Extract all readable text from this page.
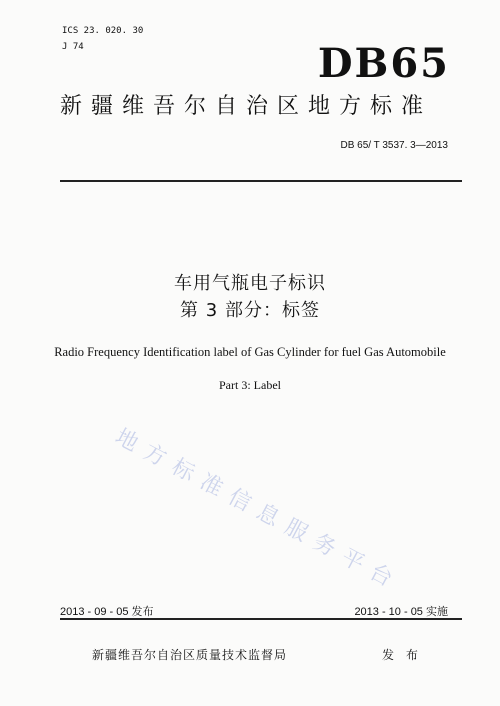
ICS 23. 020. 30
J 74	DB65
新疆维吾尔自治区地方标准
DB 65/ T 3537. 3—2013
车用气瓶电子标识
第 3 部分：标签
Radio Frequency Identification label of Gas Cylinder for fuel Gas Automobile
Part 3: Label
地方标准信息服务平台
2013 - 09 - 05 发布	2013 - 10 - 05 实施
新疆维吾尔自治区质量技术监督局	发 布
